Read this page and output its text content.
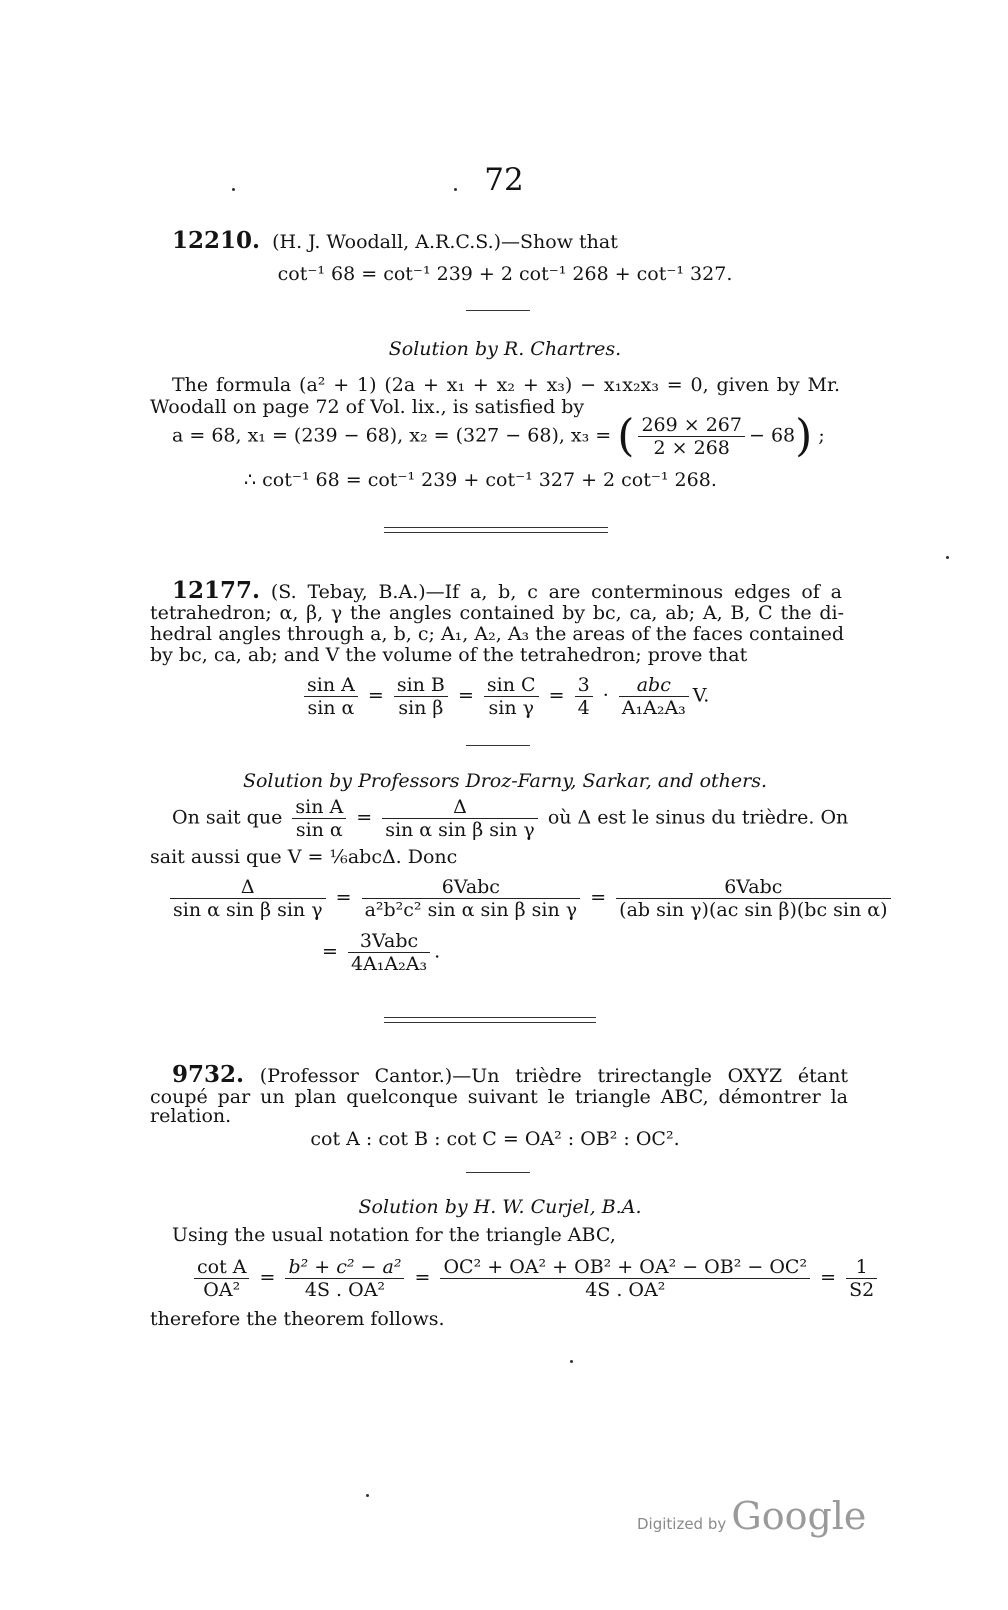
72
12210. (H. J. Woodall, A.R.C.S.)—Show that
cot⁻¹ 68 = cot⁻¹ 239 + 2 cot⁻¹ 268 + cot⁻¹ 327.
Solution by R. Chartres.
The formula (a² + 1) (2a + x₁ + x₂ + x₃) − x₁x₂x₃ = 0, given by Mr.
Woodall on page 72 of Vol. lix., is satisfied by
a = 68, x₁ = (239 − 68), x₂ = (327 − 68), x₃ = ( $\frac{269 \times 267}{2 \times 268} - 68$) ;
∴ cot⁻¹ 68 = cot⁻¹ 239 + cot⁻¹ 327 + 2 cot⁻¹ 268.
12177. (S. Tebay, B.A.)—If a, b, c are conterminous edges of a
tetrahedron; α, β, γ the angles contained by bc, ca, ab; A, B, C the di-
hedral angles through a, b, c; A₁, A₂, A₃ the areas of the faces contained
by bc, ca, ab; and V the volume of the tetrahedron; prove that
$\frac{\text{sin A}}{\text{sin α}} = \frac{\text{sin B}}{\text{sin β}} = \frac{\text{sin C}}{\text{sin γ}} = \frac{3}{4} \cdot \frac{\text{abc}}{\text{A₁A₂A₃}} V$.
Solution by Professors Droz-Farny, Sarkar, and others.
On sait que $\frac{\text{sin A}}{\text{sin α}} = \frac{\Delta}{\text{sin α sin β sin γ}}$ où Δ est le sinus du trièdre. On
sait aussi que V = ⅙abcΔ. Donc
$\frac{\Delta}{\text{sin α sin β sin γ}} = \frac{\text{6Vabc}}{\text{a²b²c² sin α sin β sin γ}} = \frac{\text{6Vabc}}{\text{(ab sin γ)(ac sin β)(bc sin α)}}$
= $\frac{\text{3Vabc}}{\text{4A₁A₂A₃}}$ .
9732. (Professor Cantor.)—Un trièdre trirectangle OXYZ étant
coupé par un plan quelconque suivant le triangle ABC, démontrer la
relation.
cot A : cot B : cot C = OA² : OB² : OC².
Solution by H. W. Curjel, B.A.
Using the usual notation for the triangle ABC,
$\frac{\text{cot A}}{\text{OA²}} = \frac{\text{b² + c² − a²}}{\text{4S . OA²}} = \frac{\text{OC² + OA² + OB² + OA² − OB² − OC²}}{\text{4S . OA²}} = \frac{1}{S2}$
therefore the theorem follows.
Digitized by Google
